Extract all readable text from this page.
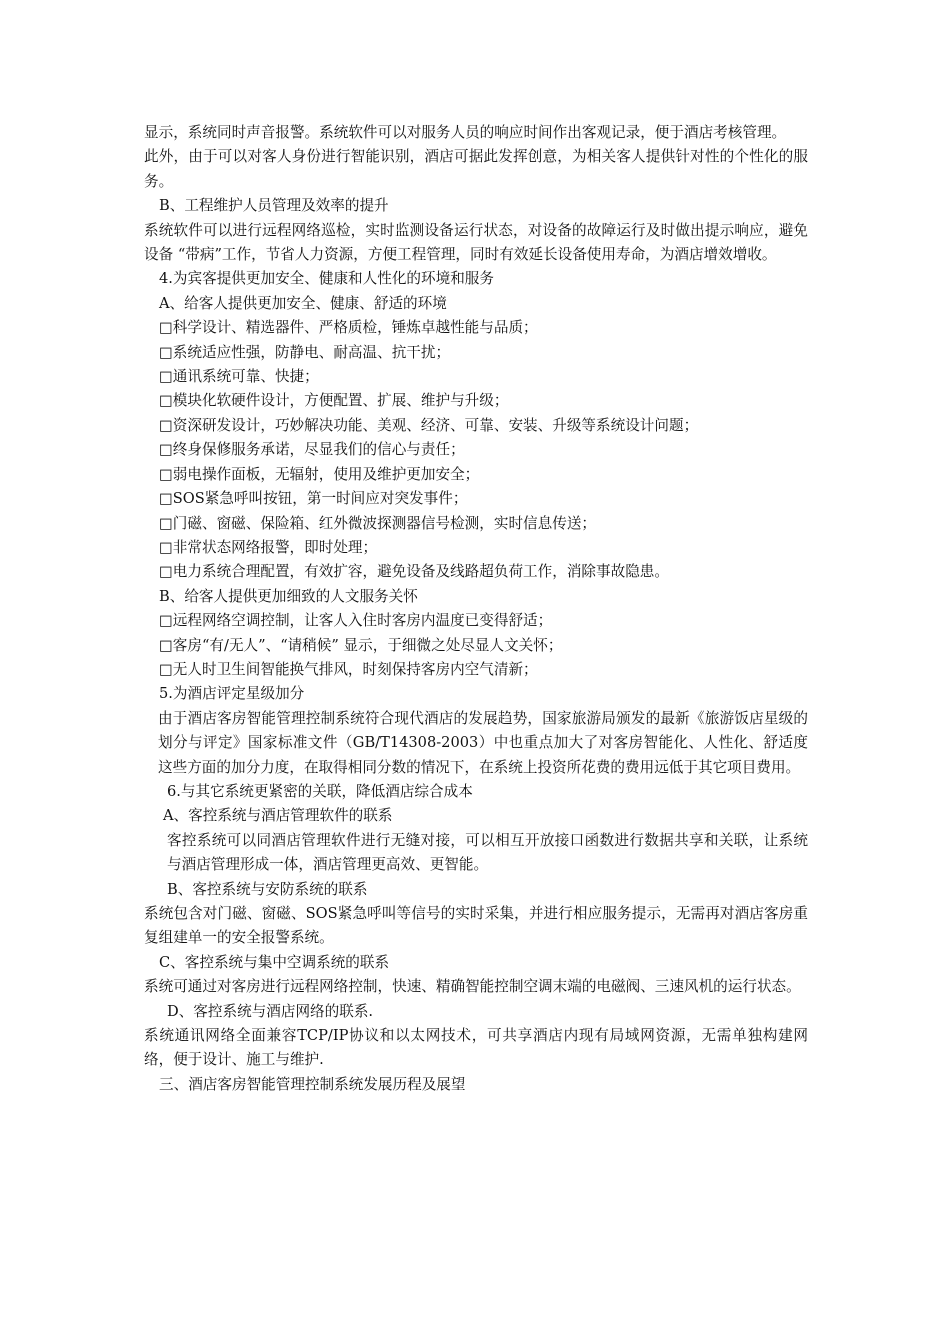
显示，系统同时声音报警。系统软件可以对服务人员的响应时间作出客观记录，便于酒店考核管理。

此外，由于可以对客人身份进行智能识别，酒店可据此发挥创意，为相关客人提供针对性的个性化的服务。

B、工程维护人员管理及效率的提升

系统软件可以进行远程网络巡检，实时监测设备运行状态，对设备的故障运行及时做出提示响应，避免设备 “带病”工作，节省人力资源，方便工程管理，同时有效延长设备使用寿命，为酒店增效增收。

4.为宾客提供更加安全、健康和人性化的环境和服务

A、给客人提供更加安全、健康、舒适的环境

□科学设计、精选器件、严格质检，锤炼卓越性能与品质；

□系统适应性强，防静电、耐高温、抗干扰；

□通讯系统可靠、快捷；

□模块化软硬件设计，方便配置、扩展、维护与升级；

□资深研发设计，巧妙解决功能、美观、经济、可靠、安装、升级等系统设计问题；

□终身保修服务承诺，尽显我们的信心与责任；

□弱电操作面板，无辐射，使用及维护更加安全；

□SOS紧急呼叫按钮，第一时间应对突发事件；

□门磁、窗磁、保险箱、红外微波探测器信号检测，实时信息传送；

□非常状态网络报警，即时处理；

□电力系统合理配置，有效扩容，避免设备及线路超负荷工作，消除事故隐患。

B、给客人提供更加细致的人文服务关怀

□远程网络空调控制，让客人入住时客房内温度已变得舒适；

□客房“有/无人”、“请稍候” 显示，于细微之处尽显人文关怀；

□无人时卫生间智能换气排风，时刻保持客房内空气清新；

5.为酒店评定星级加分

由于酒店客房智能管理控制系统符合现代酒店的发展趋势，国家旅游局颁发的最新《旅游饭店星级的划分与评定》国家标准文件（GB/T14308-2003）中也重点加大了对客房智能化、人性化、舒适度这些方面的加分力度，在取得相同分数的情况下，在系统上投资所花费的费用远低于其它项目费用。

6.与其它系统更紧密的关联，降低酒店综合成本

A、客控系统与酒店管理软件的联系

客控系统可以同酒店管理软件进行无缝对接，可以相互开放接口函数进行数据共享和关联，让系统与酒店管理形成一体，酒店管理更高效、更智能。

B、客控系统与安防系统的联系

系统包含对门磁、窗磁、SOS紧急呼叫等信号的实时采集，并进行相应服务提示，无需再对酒店客房重复组建单一的安全报警系统。

C、客控系统与集中空调系统的联系

系统可通过对客房进行远程网络控制，快速、精确智能控制空调末端的电磁阀、三速风机的运行状态。

D、客控系统与酒店网络的联系.

系统通讯网络全面兼容TCP/IP协议和以太网技术，可共享酒店内现有局域网资源，无需单独构建网络，便于设计、施工与维护.

三、酒店客房智能管理控制系统发展历程及展望
